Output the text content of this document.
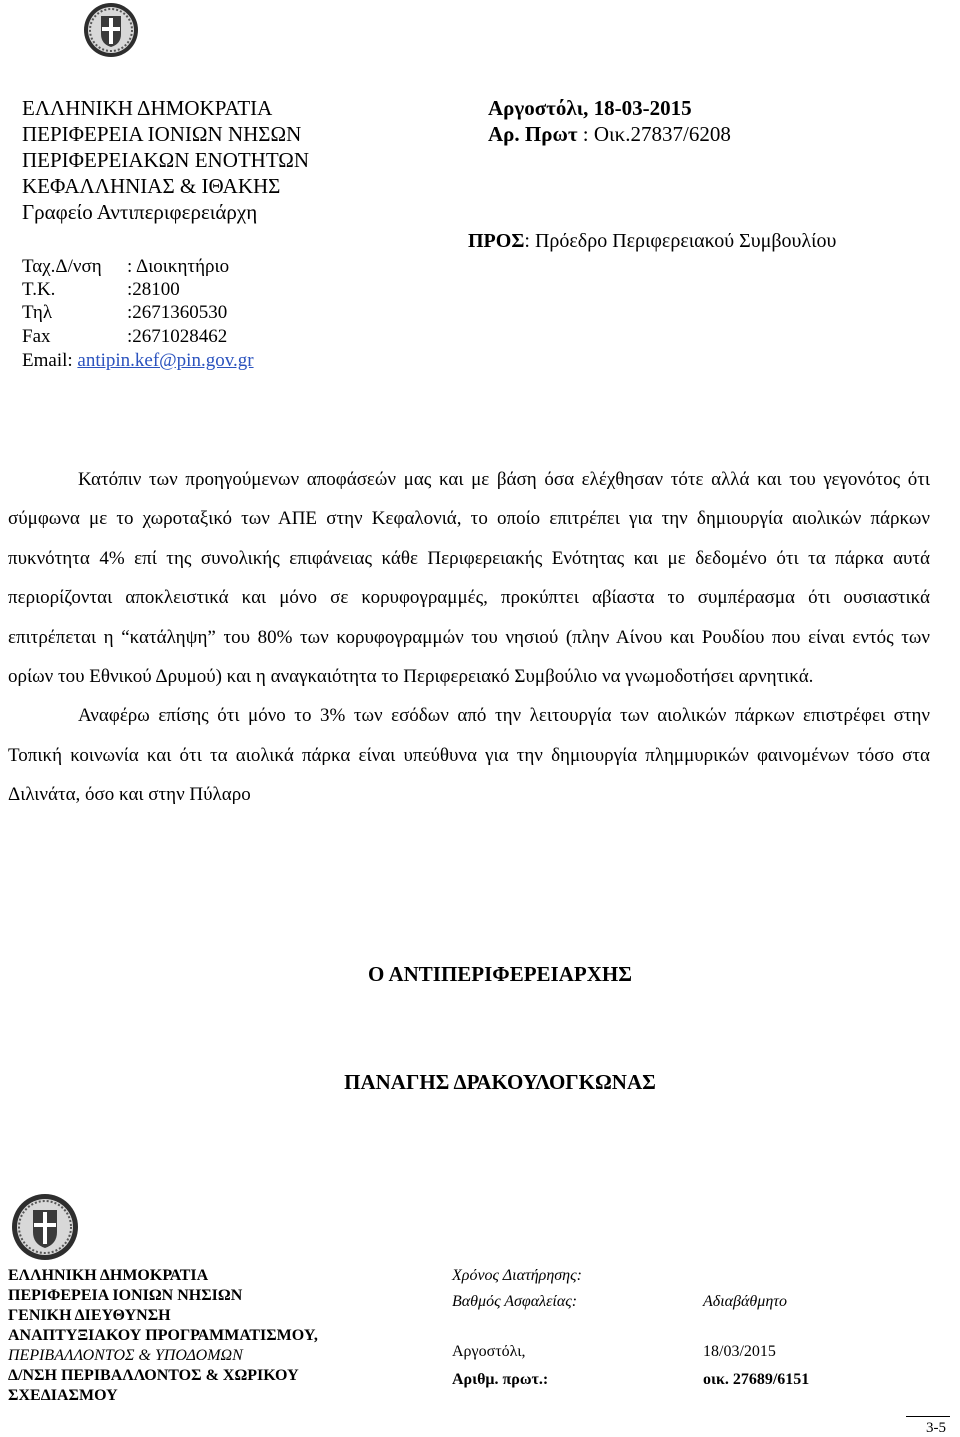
ΕΛΛΗΝΙΚΗ ΔΗΜΟΚΡΑΤΙΑ
ΠΕΡΙΦΕΡΕΙΑ ΙΟΝΙΩΝ ΝΗΣΩΝ
ΠΕΡΙΦΕΡΕΙΑΚΩΝ ΕΝΟΤΗΤΩΝ
ΚΕΦΑΛΛΗΝΙΑΣ & ΙΘΑΚΗΣ
Γραφείο Αντιπεριφερειάρχη
Ταχ.Δ/νση : Διοικητήριο
Τ.Κ.	:28100
Τηλ	:2671360530
Fax	:2671028462
Email: antipin.kef@pin.gov.gr
Αργοστόλι, 18-03-2015
Αρ. Πρωτ : Οικ.27837/6208
ΠΡΟΣ: Πρόεδρο Περιφερειακού Συμβουλίου

Κατόπιν των προηγούμενων αποφάσεών μας και με βάση όσα ελέχθησαν τότε αλλά και του γεγονότος ότι σύμφωνα με το χωροταξικό των ΑΠΕ στην Κεφαλονιά, το οποίο επιτρέπει για την δημιουργία αιολικών πάρκων πυκνότητα 4% επί της συνολικής επιφάνειας κάθε Περιφερειακής Ενότητας και με δεδομένο ότι τα πάρκα αυτά περιορίζονται αποκλειστικά και μόνο σε κορυφογραμμές, προκύπτει αβίαστα το συμπέρασμα ότι ουσιαστικά επιτρέπεται η “κατάληψη” του 80% των κορυφογραμμών του νησιού (πλην Αίνου και Ρουδίου που είναι εντός των ορίων του Εθνικού Δρυμού) και η αναγκαιότητα το Περιφερειακό Συμβούλιο να γνωμοδοτήσει αρνητικά.

Αναφέρω επίσης ότι μόνο το 3% των εσόδων από την λειτουργία των αιολικών πάρκων επιστρέφει στην Τοπική κοινωνία και ότι τα αιολικά πάρκα είναι υπεύθυνα για την δημιουργία πλημμυρικών φαινομένων τόσο στα Διλινάτα, όσο και στην Πύλαρο

Ο ΑΝΤΙΠΕΡΙΦΕΡΕΙΑΡΧΗΣ
ΠΑΝΑΓΗΣ ΔΡΑΚΟΥΛΟΓΚΩΝΑΣ
ΕΛΛΗΝΙΚΗ ΔΗΜΟΚΡΑΤΙΑ
ΠΕΡΙΦΕΡΕΙΑ ΙΟΝΙΩΝ ΝΗΣΙΩΝ
ΓΕΝΙΚΗ ΔΙΕΥΘΥΝΣΗ
ΑΝΑΠΤΥΞΙΑΚΟΥ ΠΡΟΓΡΑΜΜΑΤΙΣΜΟΥ,
ΠΕΡΙΒΑΛΛΟΝΤΟΣ & ΥΠΟΔΟΜΩΝ
Δ/ΝΣΗ ΠΕΡΙΒΑΛΛΟΝΤΟΣ & ΧΩΡΙΚΟΥ
ΣΧΕΔΙΑΣΜΟΥ
Χρόνος Διατήρησης:
Βαθμός Ασφαλείας:	Αδιαβάθμητο
Αργοστόλι,	18/03/2015
Αριθμ. πρωτ.:	οικ. 27689/6151
3-5
